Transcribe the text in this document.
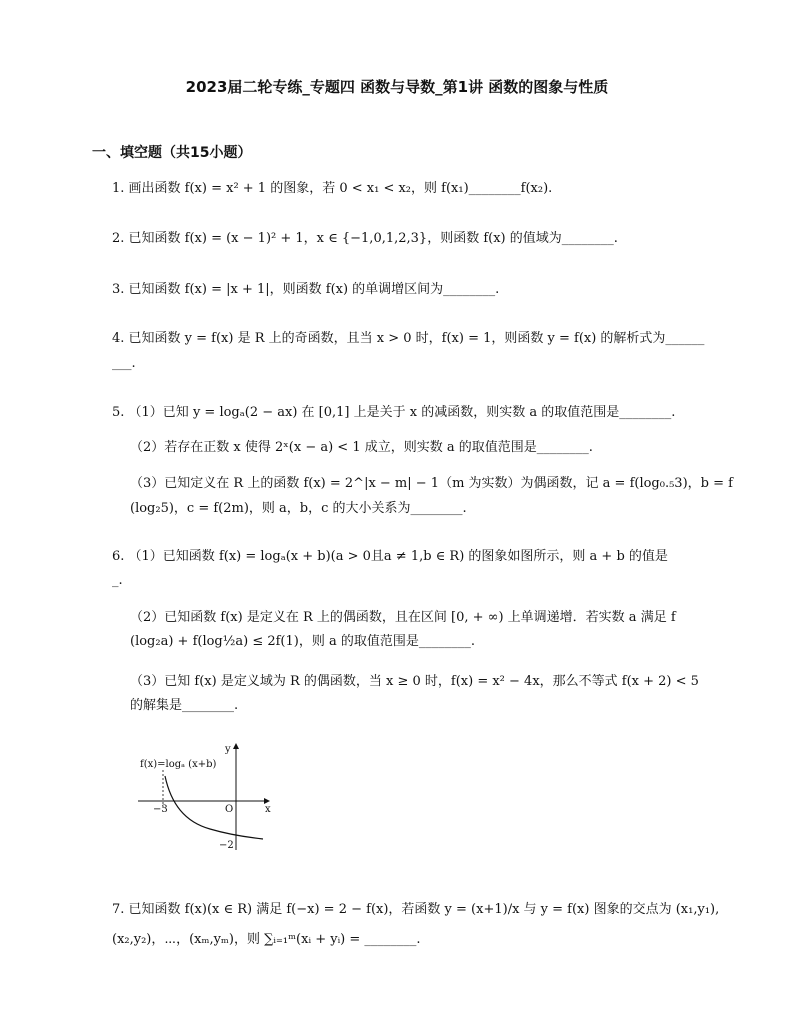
2023届二轮专练_专题四 函数与导数_第1讲 函数的图象与性质
一、填空题（共15小题）
1. 画出函数 f(x) = x² + 1 的图象，若 0 < x₁ < x₂，则 f(x₁)________f(x₂).
2. 已知函数 f(x) = (x − 1)² + 1，x ∈ {−1,0,1,2,3}，则函数 f(x) 的值域为________.
3. 已知函数 f(x) = |x + 1|，则函数 f(x) 的单调增区间为________.
4. 已知函数 y = f(x) 是 R 上的奇函数，且当 x > 0 时，f(x) = 1，则函数 y = f(x) 的解析式为______
___.
5. （1）已知 y = logₐ(2 − ax) 在 [0,1] 上是关于 x 的减函数，则实数 a 的取值范围是________.
（2）若存在正数 x 使得 2ˣ(x − a) < 1 成立，则实数 a 的取值范围是________.
（3）已知定义在 R 上的函数 f(x) = 2^|x − m| − 1（m 为实数）为偶函数，记 a = f(log₀.₅3)，b = f
(log₂5)，c = f(2m)，则 a，b，c 的大小关系为________.
6. （1）已知函数 f(x) = logₐ(x + b)(a > 0且a ≠ 1,b ∈ R) 的图象如图所示，则 a + b 的值是
_.
（2）已知函数 f(x) 是定义在 R 上的偶函数，且在区间 [0, + ∞) 上单调递增．若实数 a 满足 f
(log₂a) + f(log½a) ≤ 2f(1)，则 a 的取值范围是________.
（3）已知 f(x) 是定义域为 R 的偶函数，当 x ≥ 0 时，f(x) = x² − 4x，那么不等式 f(x + 2) < 5
的解集是________.
f(x)=logₐ (x+b)
y
x
O
−3
−2
7. 已知函数 f(x)(x ∈ R) 满足 f(−x) = 2 − f(x)，若函数 y = (x+1)/x 与 y = f(x) 图象的交点为 (x₁,y₁),
(x₂,y₂)，⋯，(xₘ,yₘ)，则 ∑ᵢ₌₁ᵐ(xᵢ + yᵢ) = ________.
